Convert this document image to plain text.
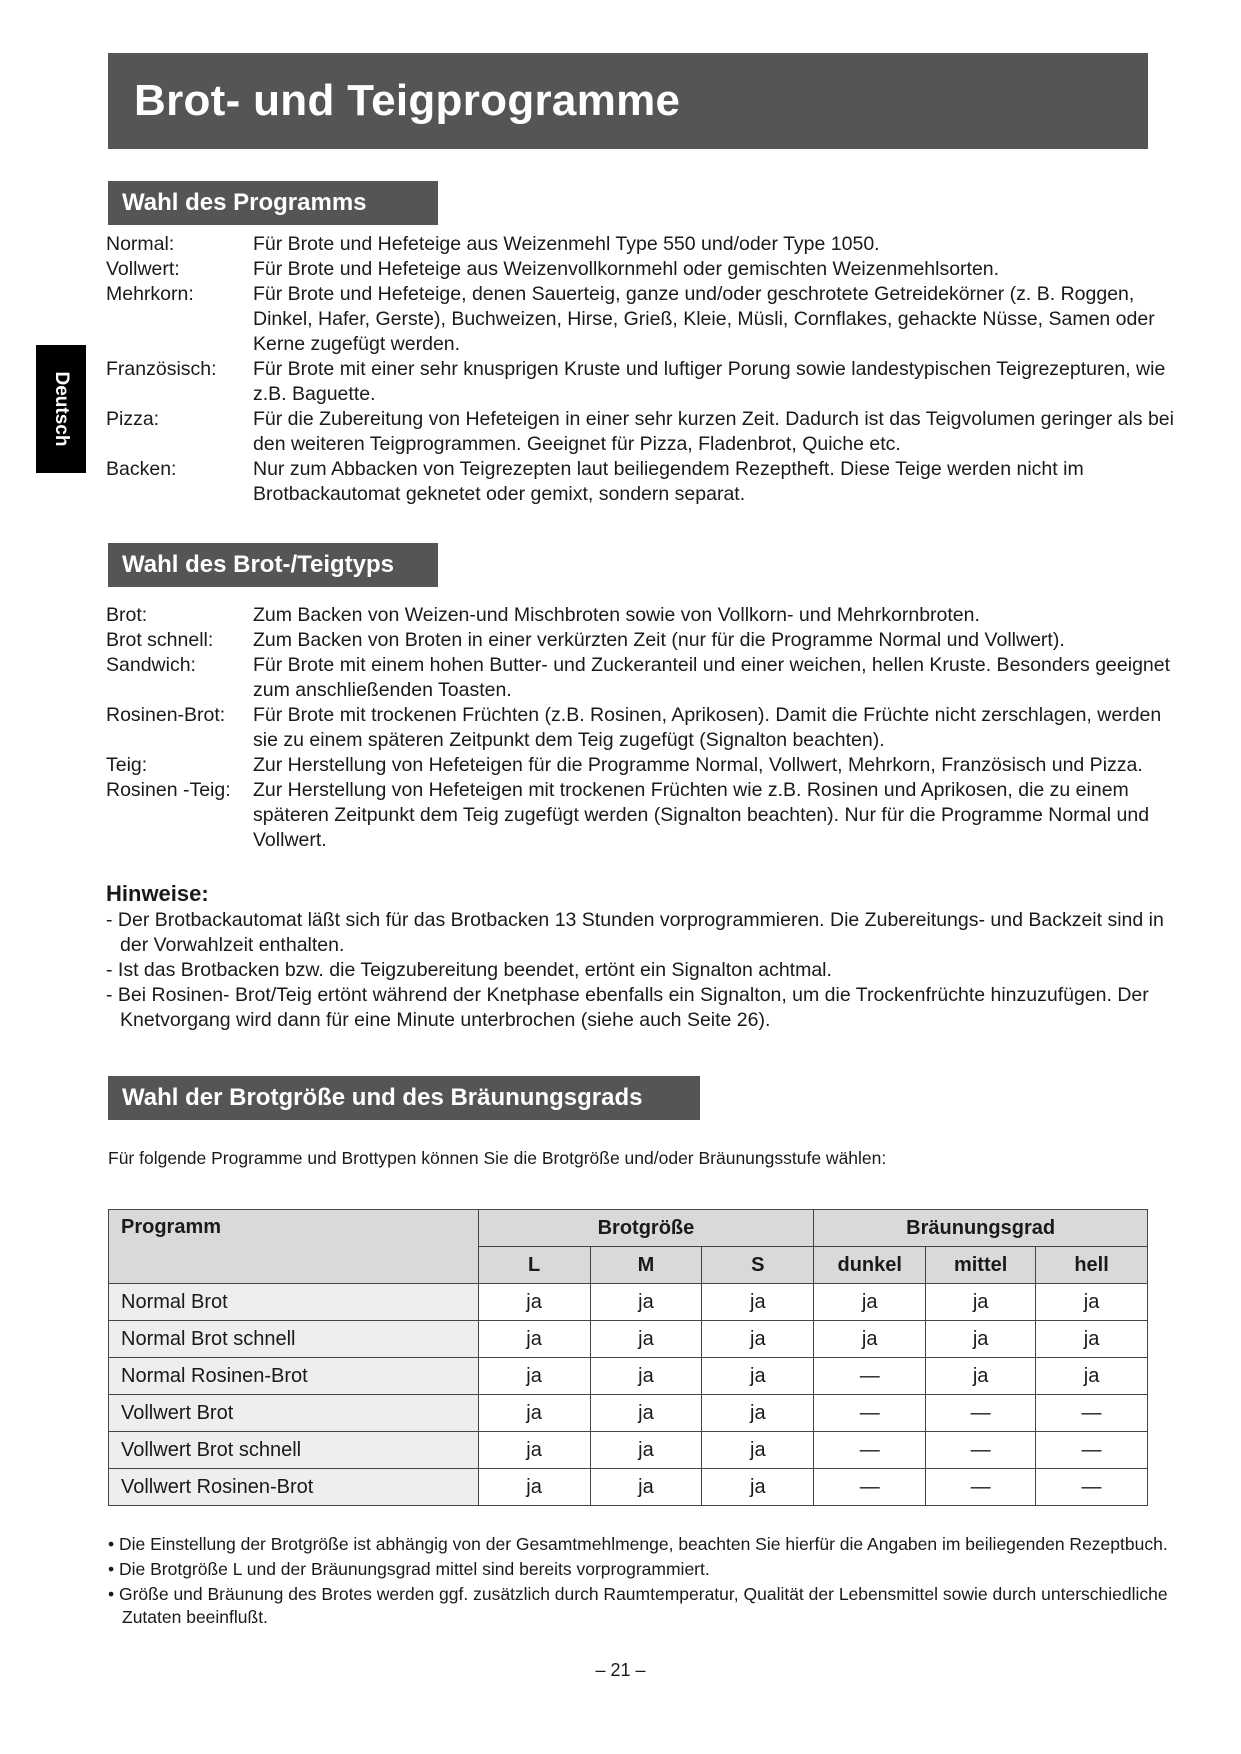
Brot- und Teigprogramme
Deutsch
Wahl des Programms
Normal:	Für Brote und Hefeteige aus Weizenmehl Type 550 und/oder Type 1050.
Vollwert:	Für Brote und Hefeteige aus Weizenvollkornmehl oder gemischten Weizenmehlsorten.
Mehrkorn:	Für Brote und Hefeteige, denen Sauerteig, ganze und/oder geschrotete Getreidekörner (z. B. Roggen, Dinkel, Hafer, Gerste), Buchweizen, Hirse, Grieß, Kleie, Müsli, Cornflakes, gehackte Nüsse, Samen oder Kerne zugefügt werden.
Französisch:	Für Brote mit einer sehr knusprigen Kruste und luftiger Porung sowie landestypischen Teigrezepturen, wie z.B. Baguette.
Pizza:	Für die Zubereitung von Hefeteigen in einer sehr kurzen Zeit. Dadurch ist das Teigvolumen geringer als bei den weiteren Teigprogrammen. Geeignet für Pizza, Fladenbrot, Quiche etc.
Backen:	Nur zum Abbacken von Teigrezepten laut beiliegendem Rezeptheft. Diese Teige werden nicht im Brotbackautomat geknetet oder gemixt, sondern separat.
Wahl des Brot-/Teigtyps
Brot:	Zum Backen von Weizen-und Mischbroten sowie von Vollkorn- und Mehrkornbroten.
Brot schnell:	Zum Backen von Broten in einer verkürzten Zeit (nur für die Programme Normal und Vollwert).
Sandwich:	Für Brote mit einem hohen Butter- und Zuckeranteil und einer weichen, hellen Kruste. Besonders geeignet zum anschließenden Toasten.
Rosinen-Brot:	Für Brote mit trockenen Früchten (z.B. Rosinen, Aprikosen). Damit die Früchte nicht zerschlagen, werden sie zu einem späteren Zeitpunkt dem Teig zugefügt (Signalton beachten).
Teig:	Zur Herstellung von Hefeteigen für die Programme Normal, Vollwert, Mehrkorn, Französisch und Pizza.
Rosinen -Teig:	Zur Herstellung von Hefeteigen mit trockenen Früchten wie z.B. Rosinen und Aprikosen, die zu einem späteren Zeitpunkt dem Teig zugefügt werden (Signalton beachten). Nur für die Programme Normal und Vollwert.
Hinweise:
- Der Brotbackautomat läßt sich für das Brotbacken 13 Stunden vorprogrammieren. Die Zubereitungs- und Backzeit sind in der Vorwahlzeit enthalten.
- Ist das Brotbacken bzw. die Teigzubereitung beendet, ertönt ein Signalton achtmal.
- Bei Rosinen- Brot/Teig ertönt während der Knetphase ebenfalls ein Signalton, um die Trockenfrüchte hinzuzufügen. Der Knetvorgang wird dann für eine Minute unterbrochen (siehe auch Seite 26).
Wahl der Brotgröße und des Bräunungsgrads
Für folgende Programme und Brottypen können Sie die Brotgröße und/oder Bräunungsstufe wählen:
Programm	Brotgröße			Bräunungsgrad		
	L	M	S	dunkel	mittel	hell
Normal Brot	ja	ja	ja	ja	ja	ja
Normal Brot schnell	ja	ja	ja	ja	ja	ja
Normal Rosinen-Brot	ja	ja	ja	—	ja	ja
Vollwert Brot	ja	ja	ja	—	—	—
Vollwert Brot schnell	ja	ja	ja	—	—	—
Vollwert Rosinen-Brot	ja	ja	ja	—	—	—
• Die Einstellung der Brotgröße ist abhängig von der Gesamtmehlmenge, beachten Sie hierfür die Angaben im beiliegenden Rezeptbuch.
• Die Brotgröße L und der Bräunungsgrad mittel sind bereits vorprogrammiert.
• Größe und Bräunung des Brotes werden ggf. zusätzlich durch Raumtemperatur, Qualität der Lebensmittel sowie durch unterschiedliche Zutaten beeinflußt.
– 21 –
